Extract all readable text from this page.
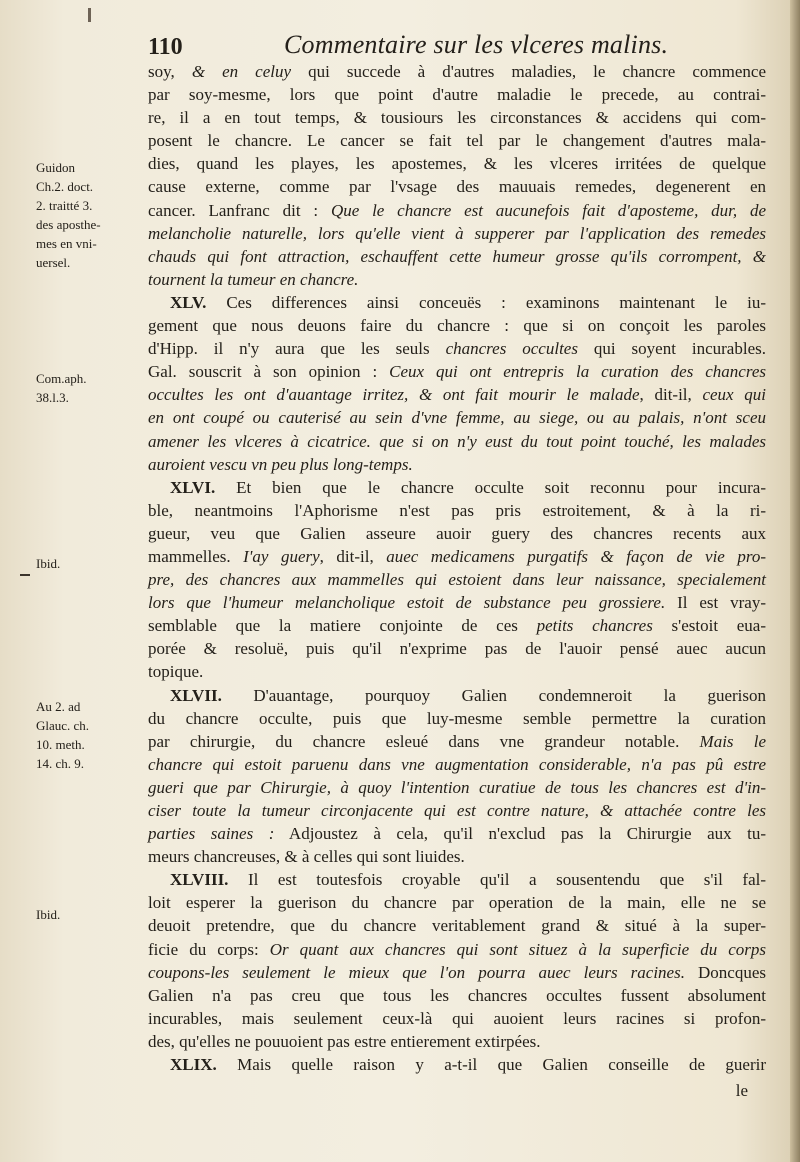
110	Commentaire sur les vlceres malins.
Guidon
Ch.2. doct.
2. traitté 3.
des aposthe-
mes en vni-
uersel.
Com.aph.
38.l.3.
Ibid.
Au 2. ad
Glauc. ch.
10. meth.
14. ch. 9.
Ibid.
soy, & en celuy qui succede à d'autres maladies, le chancre commence
par soy-mesme, lors que point d'autre maladie le precede, au contrai-
re, il a en tout temps, & tousiours les circonstances & accidens qui com-
posent le chancre. Le cancer se fait tel par le changement d'autres mala-
dies, quand les playes, les apostemes, & les vlceres irritées de quelque
cause externe, comme par l'vsage des mauuais remedes, degenerent en
cancer. Lanfranc dit : Que le chancre est aucunefois fait d'aposteme, dur, de
melancholie naturelle, lors qu'elle vient à supperer par l'application des remedes
chauds qui font attraction, eschauffent cette humeur grosse qu'ils corrompent, &
tournent la tumeur en chancre.
XLV. Ces differences ainsi conceuës : examinons maintenant le iu-
gement que nous deuons faire du chancre : que si on conçoit les paroles
d'Hipp. il n'y aura que les seuls chancres occultes qui soyent incurables.
Gal. souscrit à son opinion : Ceux qui ont entrepris la curation des chancres
occultes les ont d'auantage irritez, & ont fait mourir le malade, dit-il, ceux qui
en ont coupé ou cauterisé au sein d'vne femme, au siege, ou au palais, n'ont sceu
amener les vlceres à cicatrice. que si on n'y eust du tout point touché, les malades
auroient vescu vn peu plus long-temps.
XLVI. Et bien que le chancre occulte soit reconnu pour incura-
ble, neantmoins l'Aphorisme n'est pas pris estroitement, & à la ri-
gueur, veu que Galien asseure auoir guery des chancres recents aux
mammelles. I'ay guery, dit-il, auec medicamens purgatifs & façon de vie pro-
pre, des chancres aux mammelles qui estoient dans leur naissance, specialement
lors que l'humeur melancholique estoit de substance peu grossiere. Il est vray-
semblable que la matiere conjointe de ces petits chancres s'estoit eua-
porée & resoluë, puis qu'il n'exprime pas de l'auoir pensé auec aucun
topique.
XLVII. D'auantage, pourquoy Galien condemneroit la guerison
du chancre occulte, puis que luy-mesme semble permettre la curation
par chirurgie, du chancre esleué dans vne grandeur notable. Mais le
chancre qui estoit paruenu dans vne augmentation considerable, n'a pas pû estre
gueri que par Chirurgie, à quoy l'intention curatiue de tous les chancres est d'in-
ciser toute la tumeur circonjacente qui est contre nature, & attachée contre les
parties saines : Adjoustez à cela, qu'il n'exclud pas la Chirurgie aux tu-
meurs chancreuses, & à celles qui sont liuides.
XLVIII. Il est toutesfois croyable qu'il a sousentendu que s'il fal-
loit esperer la guerison du chancre par operation de la main, elle ne se
deuoit pretendre, que du chancre veritablement grand & situé à la super-
ficie du corps: Or quant aux chancres qui sont situez à la superficie du corps
coupons-les seulement le mieux que l'on pourra auec leurs racines. Doncques
Galien n'a pas creu que tous les chancres occultes fussent absolument
incurables, mais seulement ceux-là qui auoient leurs racines si profon-
des, qu'elles ne pouuoient pas estre entierement extirpées.
XLIX. Mais quelle raison y a-t-il que Galien conseille de guerir
le
